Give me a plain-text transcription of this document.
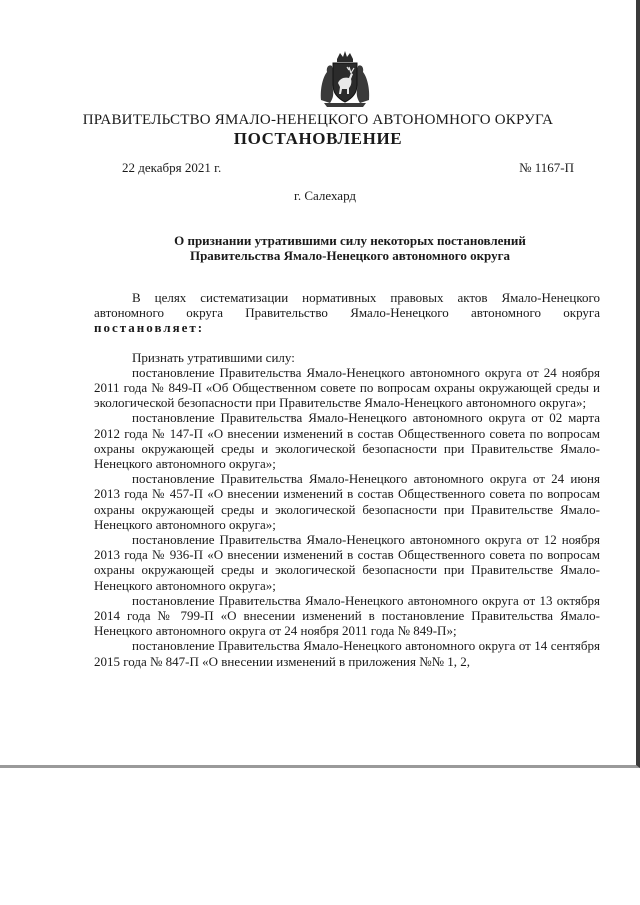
ПРАВИТЕЛЬСТВО ЯМАЛО-НЕНЕЦКОГО АВТОНОМНОГО ОКРУГА

ПОСТАНОВЛЕНИЕ

22 декабря 2021 г.	№ 1167-П
г. Салехард
О признании утратившими силу некоторых постановлений
Правительства Ямало-Ненецкого автономного округа

В целях систематизации нормативных правовых актов Ямало-Ненецкого автономного округа Правительство Ямало-Ненецкого автономного округа постановляет:

Признать утратившими силу:

постановление Правительства Ямало-Ненецкого автономного округа от 24 ноября 2011 года № 849-П «Об Общественном совете по вопросам охраны окружающей среды и экологической безопасности при Правительстве Ямало-Ненецкого автономного округа»;

постановление Правительства Ямало-Ненецкого автономного округа от 02 марта 2012 года № 147-П «О внесении изменений в состав Общественного совета по вопросам охраны окружающей среды и экологической безопасности при Правительстве Ямало-Ненецкого автономного округа»;

постановление Правительства Ямало-Ненецкого автономного округа от 24 июня 2013 года № 457-П «О внесении изменений в состав Общественного совета по вопросам охраны окружающей среды и экологической безопасности при Правительстве Ямало-Ненецкого автономного округа»;

постановление Правительства Ямало-Ненецкого автономного округа от 12 ноября 2013 года № 936-П «О внесении изменений в состав Общественного совета по вопросам охраны окружающей среды и экологической безопасности при Правительстве Ямало-Ненецкого автономного округа»;

постановление Правительства Ямало-Ненецкого автономного округа от 13 октября 2014 года № 799-П «О внесении изменений в постановление Правительства Ямало-Ненецкого автономного округа от 24 ноября 2011 года № 849-П»;

постановление Правительства Ямало-Ненецкого автономного округа от 14 сентября 2015 года № 847-П «О внесении изменений в приложения №№ 1, 2,
